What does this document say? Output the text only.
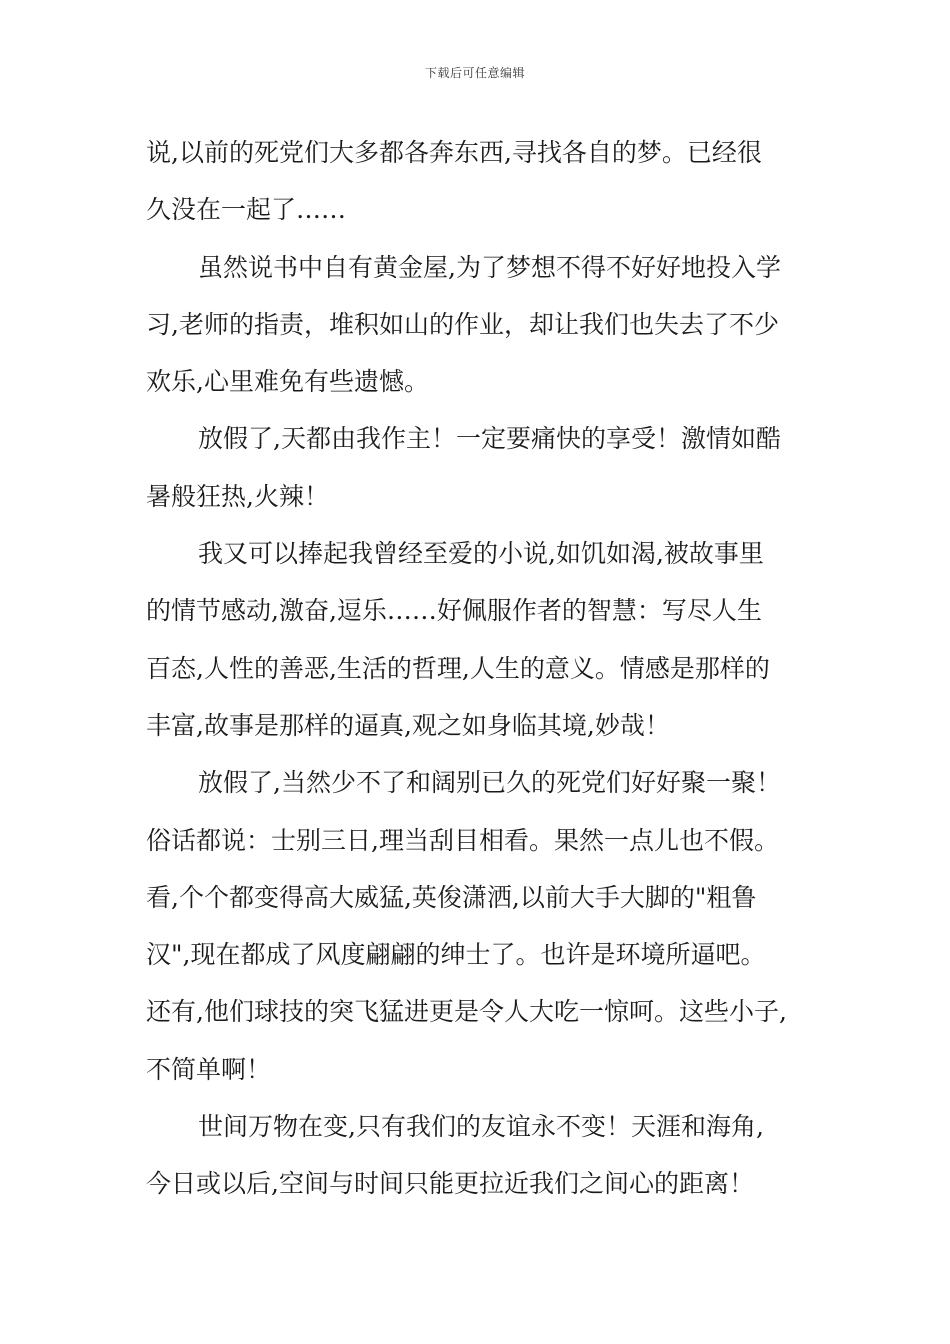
下载后可任意编辑
说,以前的死党们大多都各奔东西,寻找各自的梦。已经很
久没在一起了……
虽然说书中自有黄金屋,为了梦想不得不好好地投入学
习,老师的指责，堆积如山的作业，却让我们也失去了不少
欢乐,心里难免有些遗憾。
放假了,天都由我作主！一定要痛快的享受！激情如酷
暑般狂热,火辣！
我又可以捧起我曾经至爱的小说,如饥如渴,被故事里
的情节感动,激奋,逗乐……好佩服作者的智慧：写尽人生
百态,人性的善恶,生活的哲理,人生的意义。情感是那样的
丰富,故事是那样的逼真,观之如身临其境,妙哉！
放假了,当然少不了和阔别已久的死党们好好聚一聚！
俗话都说：士别三日,理当刮目相看。果然一点儿也不假。
看,个个都变得高大威猛,英俊潇洒,以前大手大脚的"粗鲁
汉",现在都成了风度翩翩的绅士了。也许是环境所逼吧。
还有,他们球技的突飞猛进更是令人大吃一惊呵。这些小子,
不简单啊！
世间万物在变,只有我们的友谊永不变！天涯和海角,
今日或以后,空间与时间只能更拉近我们之间心的距离！
